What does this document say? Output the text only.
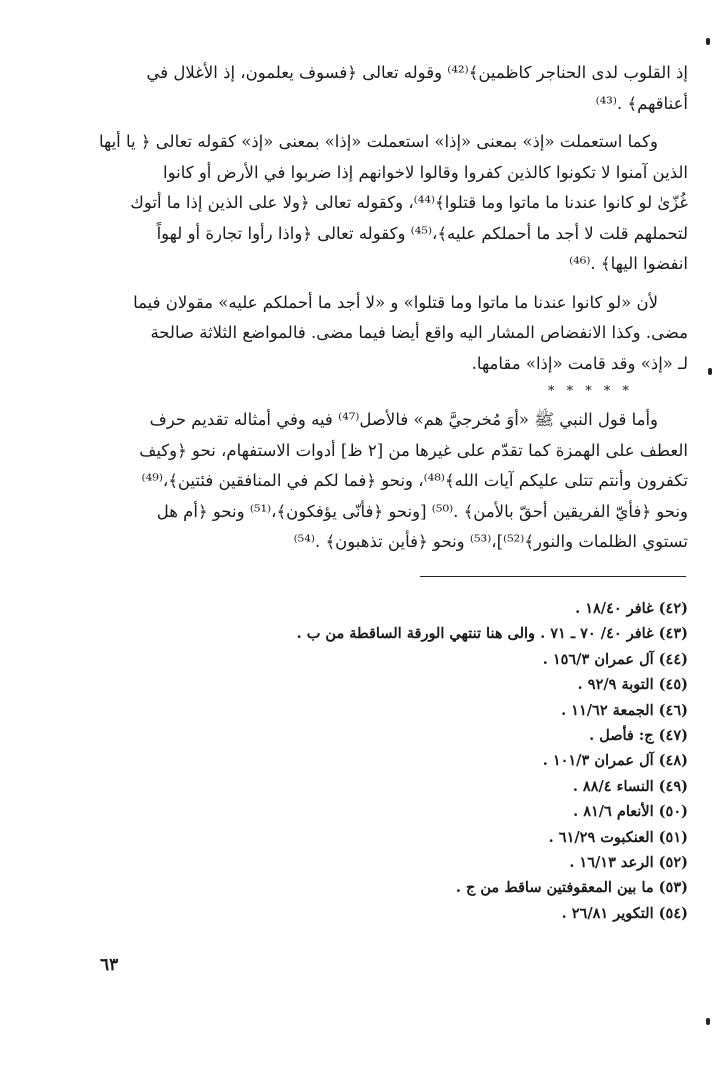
إذ القلوب لدى الحناجر كاظمين﴾⁽⁴²⁾ وقوله تعالى ﴿فسوف يعلمون، إذ الأغلال في
أعناقهم﴾ .⁽⁴³⁾

وكما استعملت «إذ» بمعنى «إذا» استعملت «إذا» بمعنى «إذ» كقوله تعالى ﴿ يا أيها
الذين آمنوا لا تكونوا كالذين كفروا وقالوا لاخوانهم إذا ضربوا في الأرض أو كانوا
غُزّىٰ لو كانوا عندنا ما ماتوا وما قتلوا﴾⁽⁴⁴⁾، وكقوله تعالى ﴿ولا على الذين إذا ما أتوك
لتحملهم قلت لا أجد ما أحملكم عليه﴾،⁽⁴⁵⁾ وكقوله تعالى ﴿واذا رأوا تجارة أو لهواً
انفضوا اليها﴾ .⁽⁴⁶⁾

لأن «لو كانوا عندنا ما ماتوا وما قتلوا» و «لا أجد ما أحملكم عليه» مقولان فيما
مضى. وكذا الانفضاص المشار اليه واقع أيضا فيما مضى. فالمواضع الثلاثة صالحة
لـ «إذ» وقد قامت «إذا» مقامها.

* * * * *

وأما قول النبي ﷺ «أوَ مُخرجيَّ هم» فالأصل⁽⁴⁷⁾ فيه وفي أمثاله تقديم حرف
العطف على الهمزة كما تقدّم على غيرها من [٢ ظ] أدوات الاستفهام، نحو ﴿وكيف
تكفرون وأنتم تتلى عليكم آيات الله﴾⁽⁴⁸⁾، ونحو ﴿فما لكم في المنافقين فئتين﴾،⁽⁴⁹⁾
ونحو ﴿فأيّ الفريقين أحقّ بالأمن﴾ .⁽⁵⁰⁾ [ونحو ﴿فأنّى يؤفكون﴾،⁽⁵¹⁾ ونحو ﴿أم هل
تستوي الظلمات والنور﴾⁽⁵²⁾]،⁽⁵³⁾ ونحو ﴿فأين تذهبون﴾ .⁽⁵⁴⁾

(٤٢) غافر ١٨/٤٠ .
(٤٣) غافر ٤٠/ ٧٠ ـ ٧١ . والى هنا تنتهي الورقة الساقطة من ب .
(٤٤) آل عمران ١٥٦/٣ .
(٤٥) التوبة ٩٢/٩ .
(٤٦) الجمعة ١١/٦٢ .
(٤٧) ج: فأصل .
(٤٨) آل عمران ١٠١/٣ .
(٤٩) النساء ٨٨/٤ .
(٥٠) الأنعام ٨١/٦ .
(٥١) العنكبوت ٦١/٢٩ .
(٥٢) الرعد ١٦/١٣ .
(٥٣) ما بين المعقوفتين ساقط من ج .
(٥٤) التكوير ٢٦/٨١ .
٦٣
